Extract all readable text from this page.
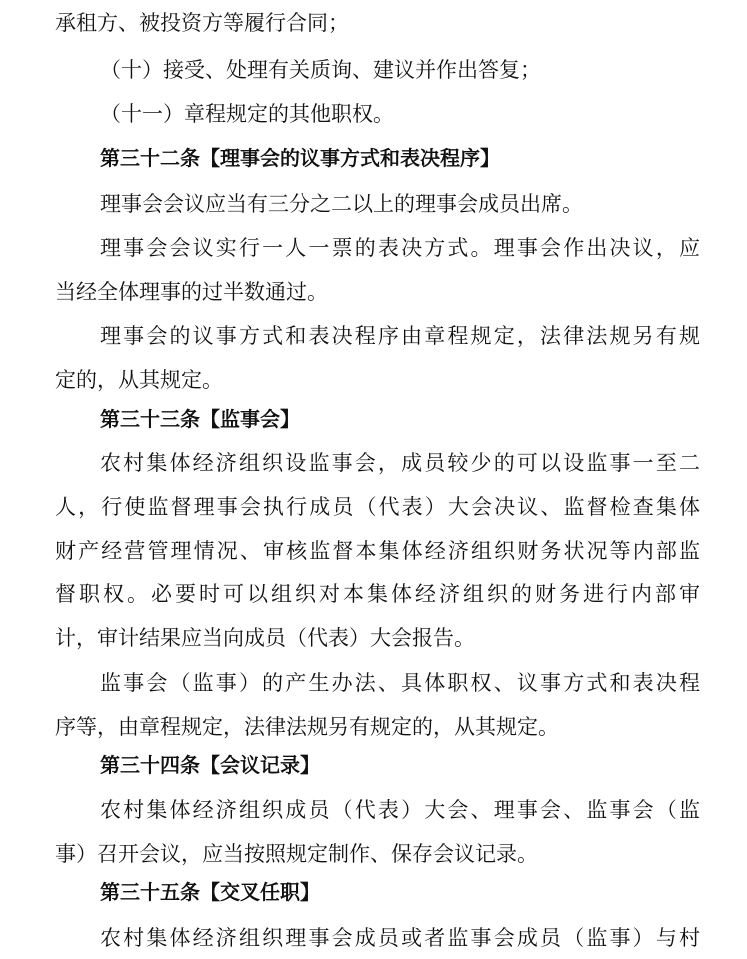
承租方、被投资方等履行合同；
（十）接受、处理有关质询、建议并作出答复；
（十一）章程规定的其他职权。
第三十二条【理事会的议事方式和表决程序】
理事会会议应当有三分之二以上的理事会成员出席。
理事会会议实行一人一票的表决方式。理事会作出决议，应
当经全体理事的过半数通过。
理事会的议事方式和表决程序由章程规定，法律法规另有规
定的，从其规定。
第三十三条【监事会】
农村集体经济组织设监事会，成员较少的可以设监事一至二
人，行使监督理事会执行成员（代表）大会决议、监督检查集体
财产经营管理情况、审核监督本集体经济组织财务状况等内部监
督职权。必要时可以组织对本集体经济组织的财务进行内部审
计，审计结果应当向成员（代表）大会报告。
监事会（监事）的产生办法、具体职权、议事方式和表决程
序等，由章程规定，法律法规另有规定的，从其规定。
第三十四条【会议记录】
农村集体经济组织成员（代表）大会、理事会、监事会（监
事）召开会议，应当按照规定制作、保存会议记录。
第三十五条【交叉任职】
农村集体经济组织理事会成员或者监事会成员（监事）与村
